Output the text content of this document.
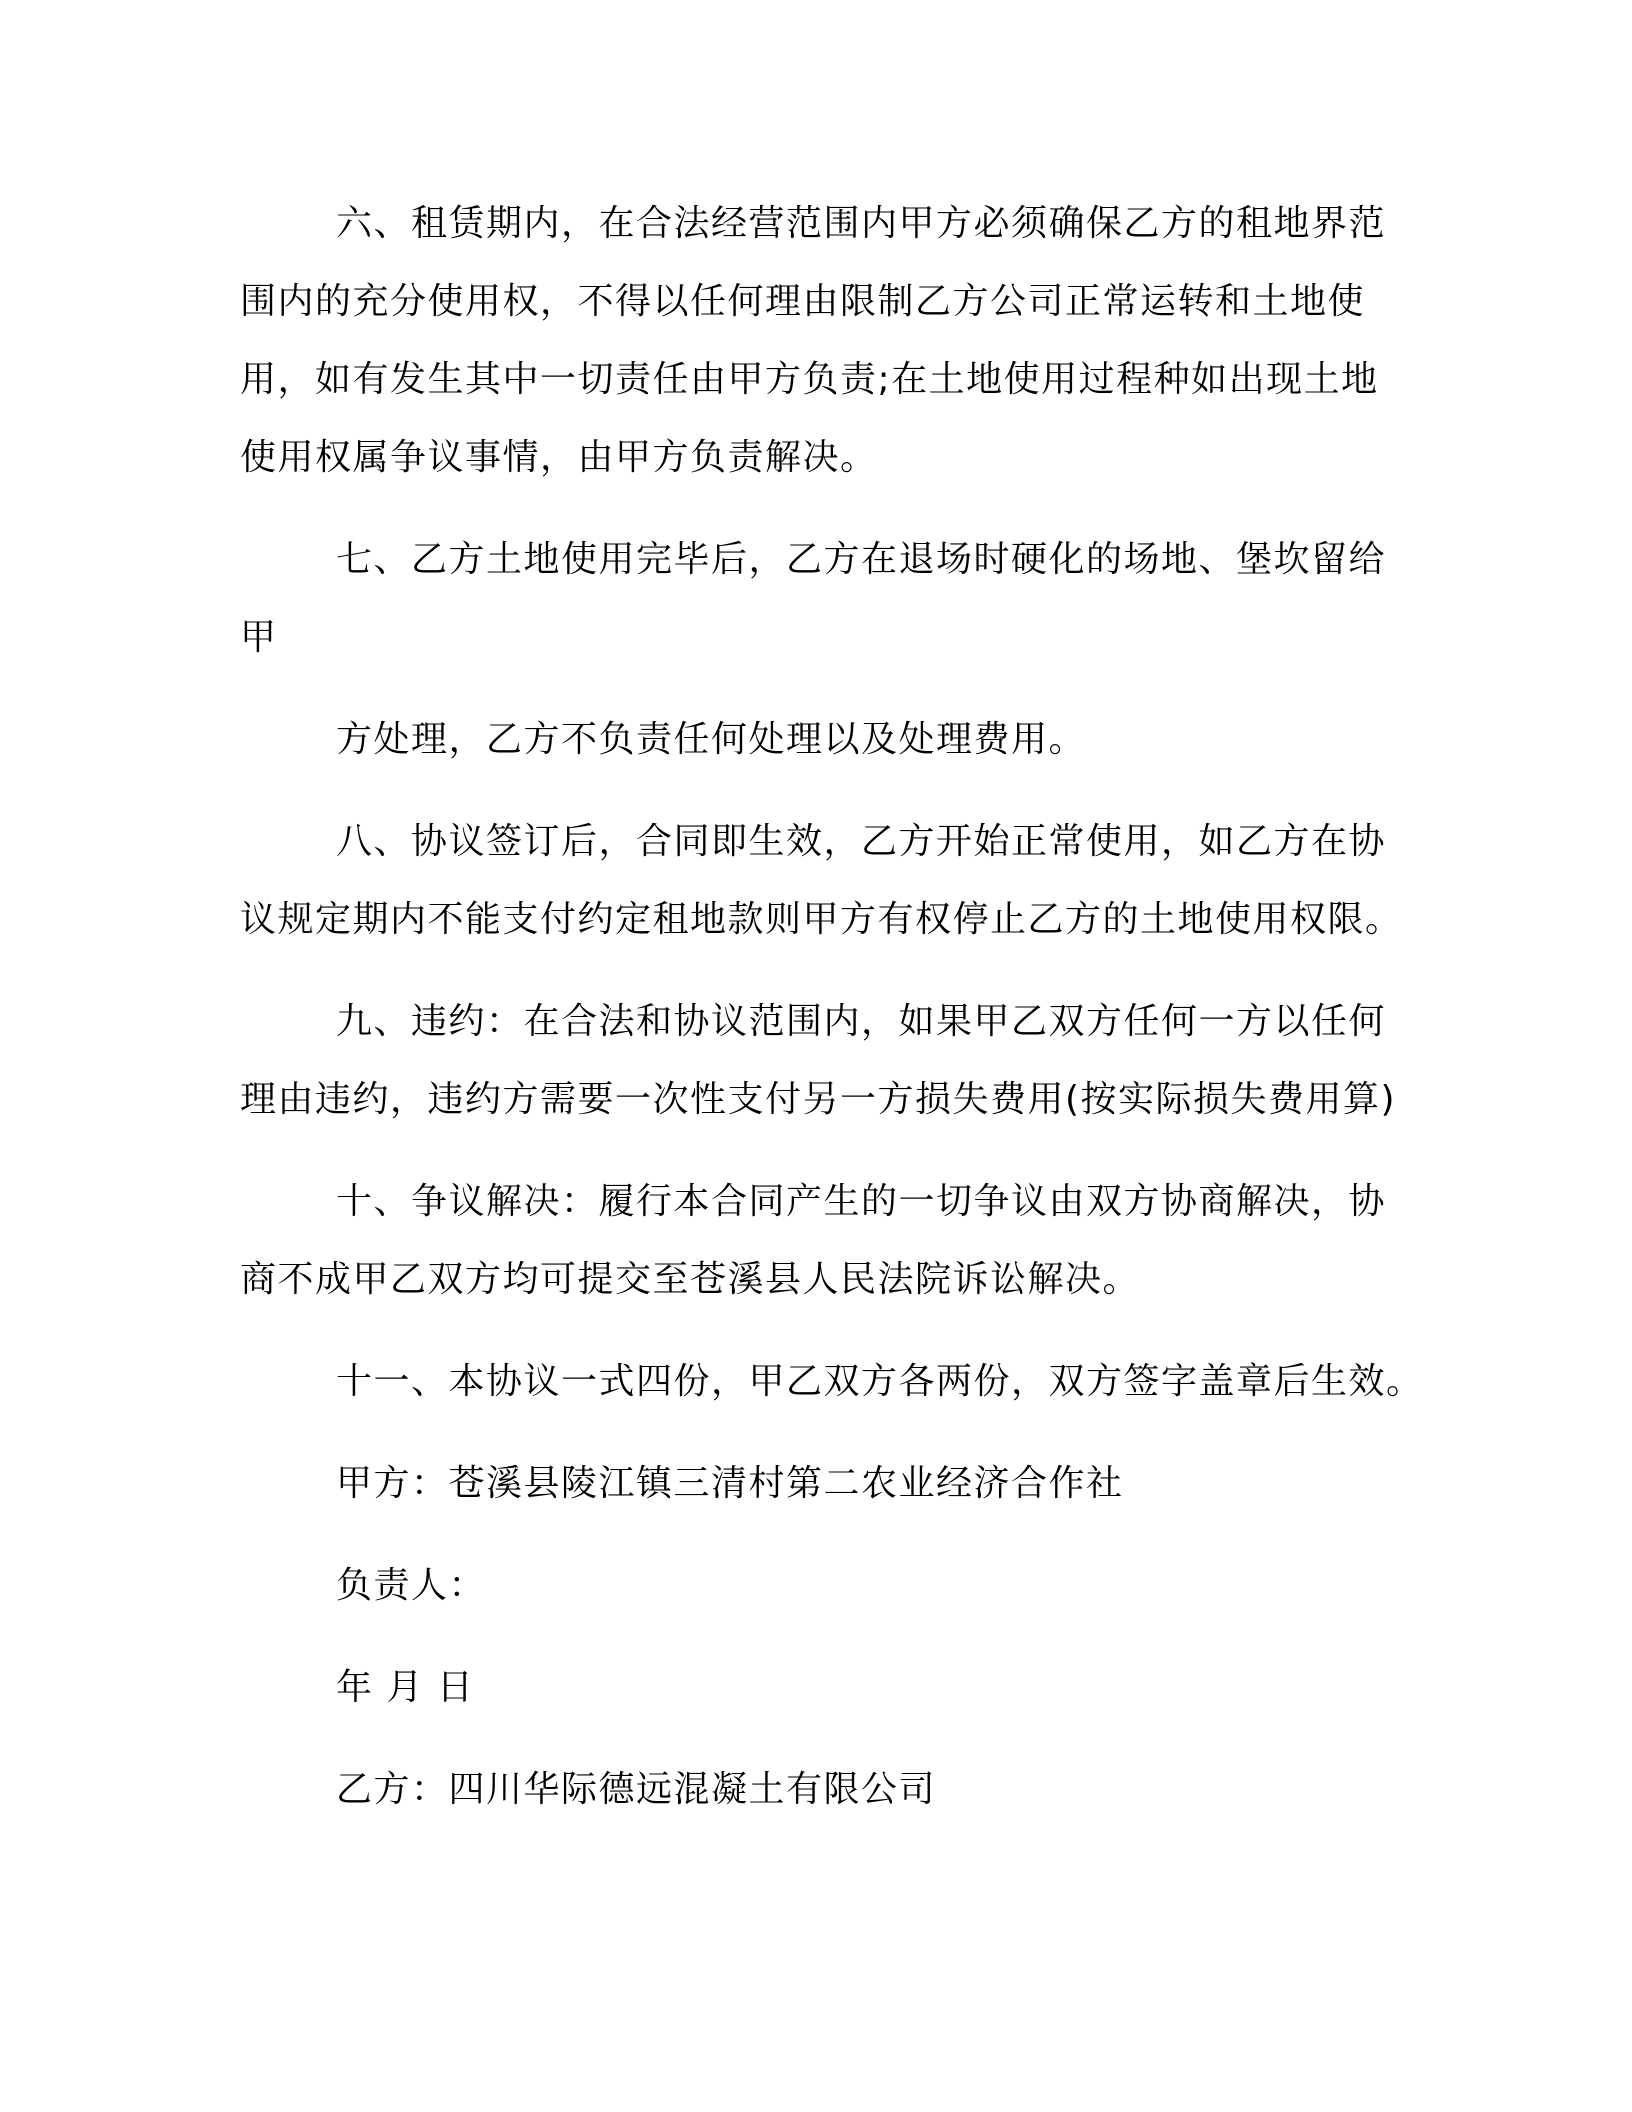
六、租赁期内，在合法经营范围内甲方必须确保乙方的租地界范
围内的充分使用权，不得以任何理由限制乙方公司正常运转和土地使
用，如有发生其中一切责任由甲方负责;在土地使用过程种如出现土地
使用权属争议事情，由甲方负责解决。
七、乙方土地使用完毕后，乙方在退场时硬化的场地、堡坎留给
甲
方处理，乙方不负责任何处理以及处理费用。
八、协议签订后，合同即生效，乙方开始正常使用，如乙方在协
议规定期内不能支付约定租地款则甲方有权停止乙方的土地使用权限。
九、违约：在合法和协议范围内，如果甲乙双方任何一方以任何
理由违约，违约方需要一次性支付另一方损失费用(按实际损失费用算)
十、争议解决：履行本合同产生的一切争议由双方协商解决，协
商不成甲乙双方均可提交至苍溪县人民法院诉讼解决。
十一、本协议一式四份，甲乙双方各两份，双方签字盖章后生效。
甲方：苍溪县陵江镇三清村第二农业经济合作社
负责人：
年 月 日
乙方：四川华际德远混凝土有限公司
